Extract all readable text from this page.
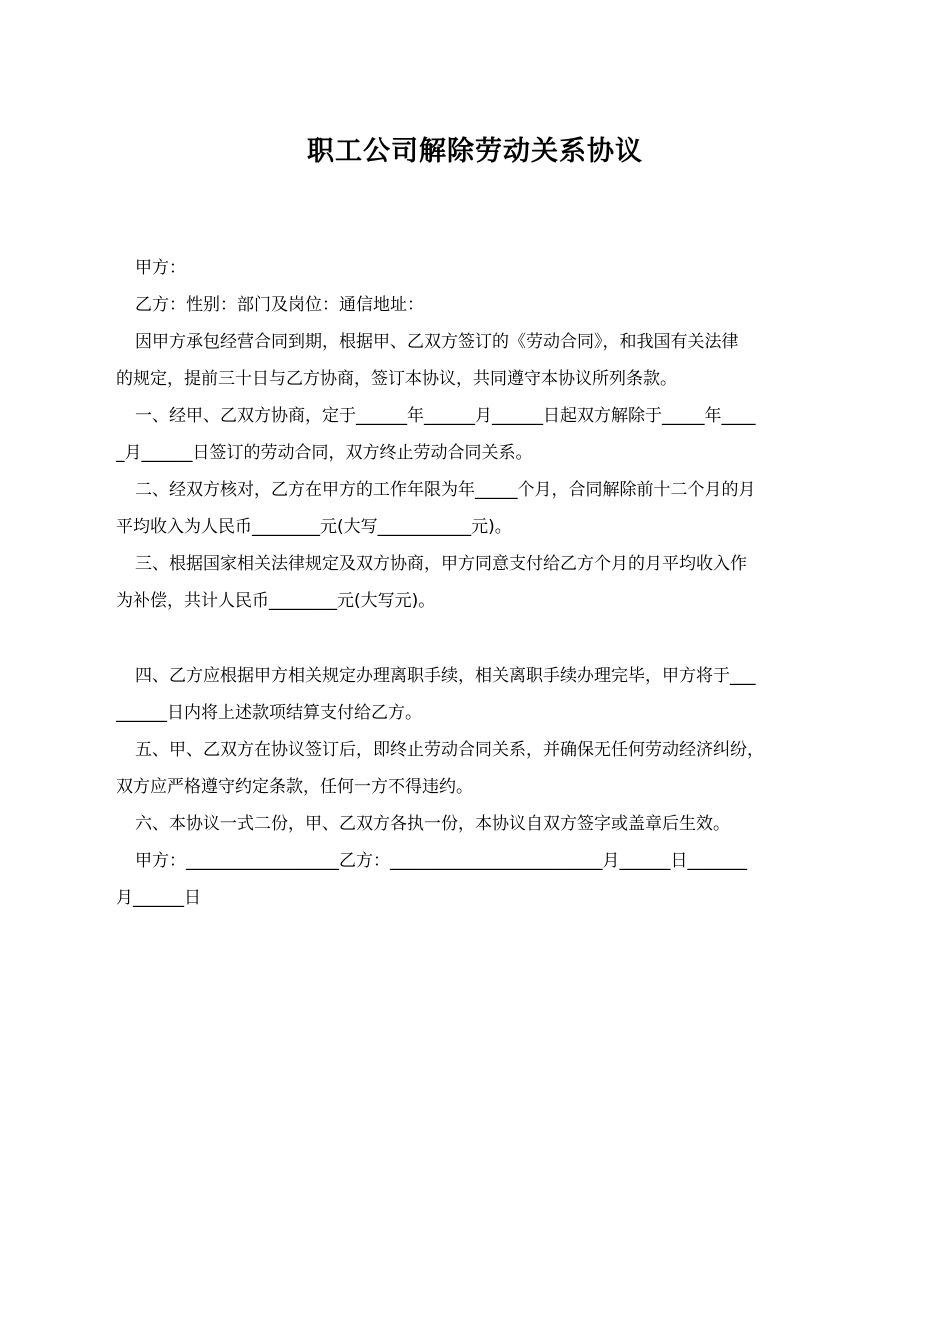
职工公司解除劳动关系协议
甲方：
乙方：性别：部门及岗位：通信地址：
因甲方承包经营合同到期，根据甲、乙双方签订的《劳动合同》，和我国有关法律
的规定，提前三十日与乙方协商，签订本协议，共同遵守本协议所列条款。
一、经甲、乙双方协商，定于______年______月______日起双方解除于_____年____
_月______日签订的劳动合同，双方终止劳动合同关系。
二、经双方核对，乙方在甲方的工作年限为年_____个月，合同解除前十二个月的月
平均收入为人民币________元(大写___________元)。
三、根据国家相关法律规定及双方协商，甲方同意支付给乙方个月的月平均收入作
为补偿，共计人民币________元(大写元)。
四、乙方应根据甲方相关规定办理离职手续，相关离职手续办理完毕，甲方将于___
______日内将上述款项结算支付给乙方。
五、甲、乙双方在协议签订后，即终止劳动合同关系，并确保无任何劳动经济纠纷，
双方应严格遵守约定条款，任何一方不得违约。
六、本协议一式二份，甲、乙双方各执一份，本协议自双方签字或盖章后生效。
甲方：__________________乙方：_________________________月______日_______
月______日
